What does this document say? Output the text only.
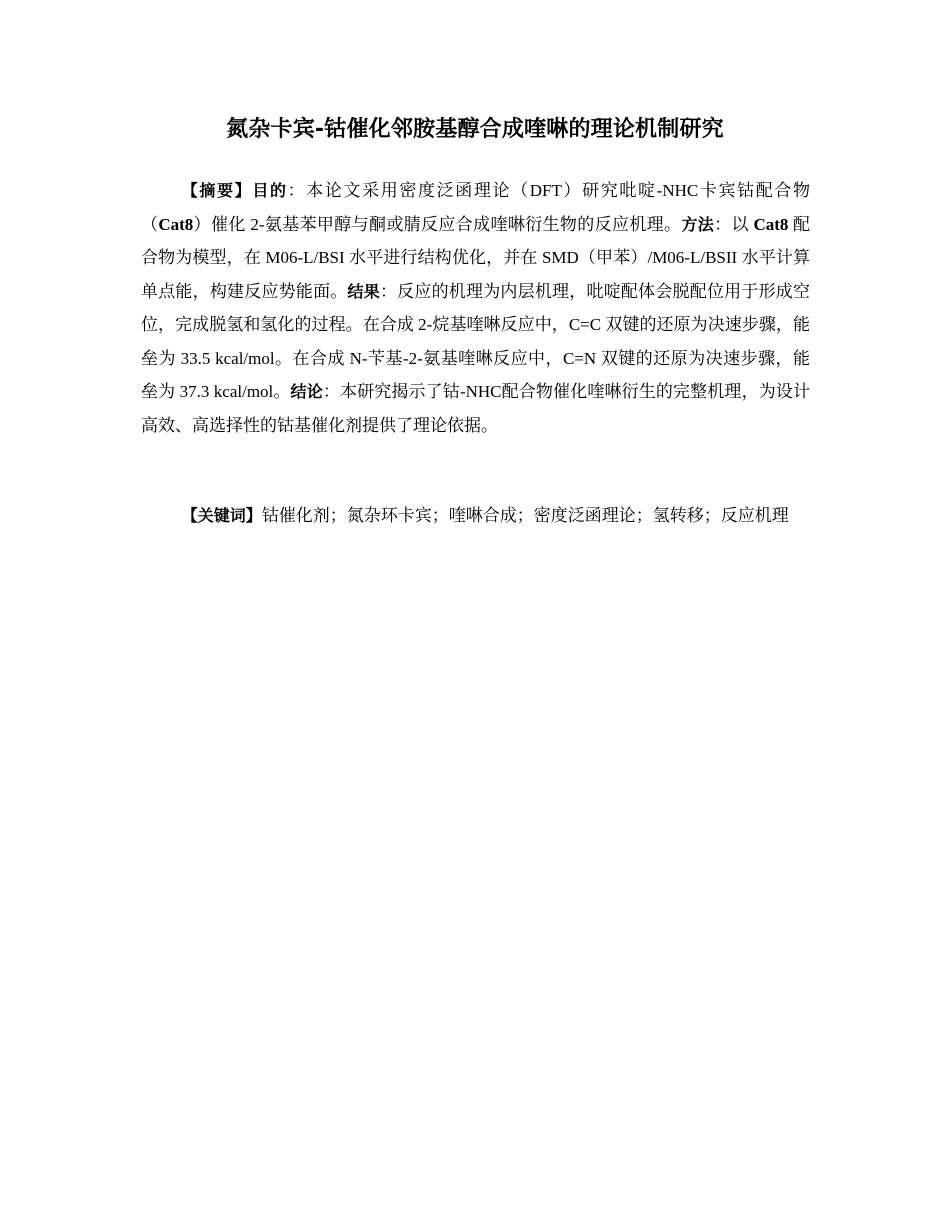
氮杂卡宾-钴催化邻胺基醇合成喹啉的理论机制研究

【摘要】目的：本论文采用密度泛函理论（DFT）研究吡啶-NHC卡宾钴配合物（Cat8）催化 2-氨基苯甲醇与酮或腈反应合成喹啉衍生物的反应机理。方法：以 Cat8 配合物为模型，在 M06-L/BSI 水平进行结构优化，并在 SMD（甲苯）/M06-L/BSII 水平计算单点能，构建反应势能面。结果：反应的机理为内层机理，吡啶配体会脱配位用于形成空位，完成脱氢和氢化的过程。在合成 2-烷基喹啉反应中，C=C 双键的还原为决速步骤，能垒为 33.5 kcal/mol。在合成 N-苄基-2-氨基喹啉反应中，C=N 双键的还原为决速步骤，能垒为 37.3 kcal/mol。结论：本研究揭示了钴-NHC配合物催化喹啉衍生的完整机理，为设计高效、高选择性的钴基催化剂提供了理论依据。

【关键词】钴催化剂；氮杂环卡宾；喹啉合成；密度泛函理论；氢转移；反应机理
